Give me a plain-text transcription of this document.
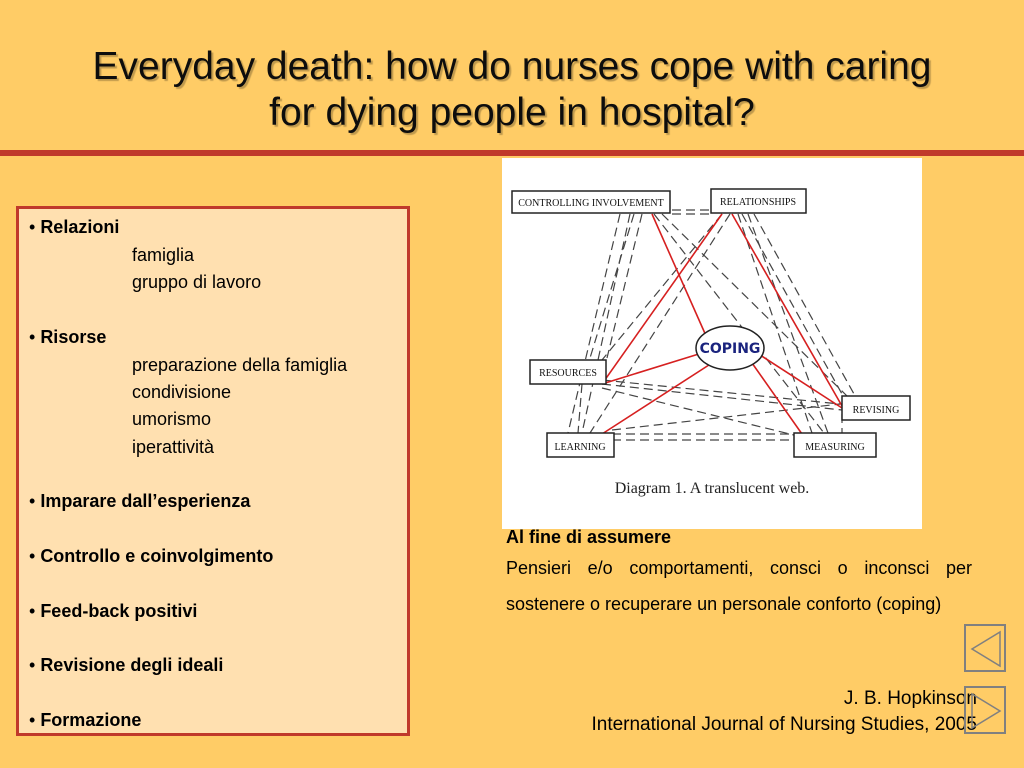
Everyday death: how do nurses cope with caring
for dying people in hospital?
• Relazioni
famiglia
gruppo di lavoro
• Risorse
preparazione della famiglia
condivisione
umorismo
iperattività
• Imparare dall’esperienza
• Controllo e coinvolgimento
• Feed-back positivi
• Revisione degli ideali
• Formazione
CONTROLLING INVOLVEMENT	RELATIONSHIPS
RESOURCES
REVISING
LEARNING	MEASURING
COPING
Diagram 1. A translucent web.
Al fine di assumere
Pensieri e/o comportamenti, consci o inconsci per sostenere o recuperare un personale conforto (coping)
J. B. Hopkinson
International Journal of Nursing Studies, 2005
